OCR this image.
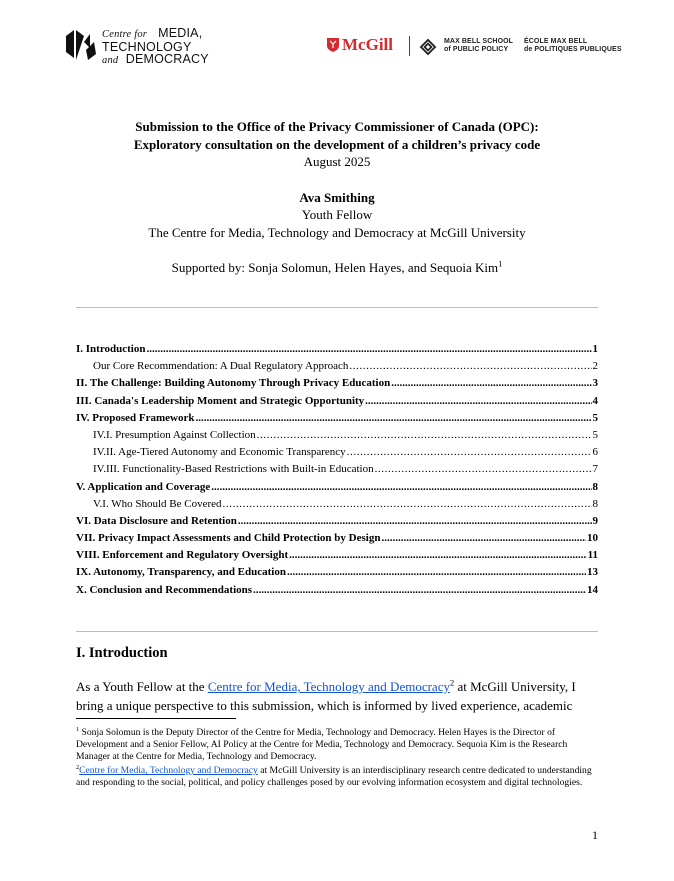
Centre for MEDIA,
TECHNOLOGY
and DEMOCRACY
McGill	MAX BELL SCHOOL
of PUBLIC POLICY
ÉCOLE MAX BELL
de POLITIQUES PUBLIQUES
Submission to the Office of the Privacy Commissioner of Canada (OPC):
Exploratory consultation on the development of a children’s privacy code
August 2025
Ava Smithing
Youth Fellow
The Centre for Media, Technology and Democracy at McGill University
Supported by: Sonja Solomun, Helen Hayes, and Sequoia Kim$^1$
I. Introduction .....	1
Our Core Recommendation: A Dual Regulatory Approach .....	2
II. The Challenge: Building Autonomy Through Privacy Education .....	3
III. Canada's Leadership Moment and Strategic Opportunity .....	4
IV. Proposed Framework .....	5
IV.I. Presumption Against Collection .....	5
IV.II. Age-Tiered Autonomy and Economic Transparency .....	6
IV.III. Functionality-Based Restrictions with Built-in Education .....	7
V. Application and Coverage .....	8
V.I. Who Should Be Covered .....	8
VI. Data Disclosure and Retention .....	9
VII. Privacy Impact Assessments and Child Protection by Design .....	10
VIII. Enforcement and Regulatory Oversight .....	11
IX. Autonomy, Transparency, and Education .....	13
X. Conclusion and Recommendations .....	14
I. Introduction
As a Youth Fellow at the Centre for Media, Technology and Democracy$^2$ at McGill University, I bring a unique perspective to this submission, which is informed by lived experience, academic
$^1$ Sonja Solomun is the Deputy Director of the Centre for Media, Technology and Democracy. Helen Hayes is the Director of Development and a Senior Fellow, AI Policy at the Centre for Media, Technology and Democracy. Sequoia Kim is the Research Manager at the Centre for Media, Technology and Democracy.
$^2$Centre for Media, Technology and Democracy at McGill University is an interdisciplinary research centre dedicated to understanding and responding to the social, political, and policy challenges posed by our evolving information ecosystem and digital technologies.
1
